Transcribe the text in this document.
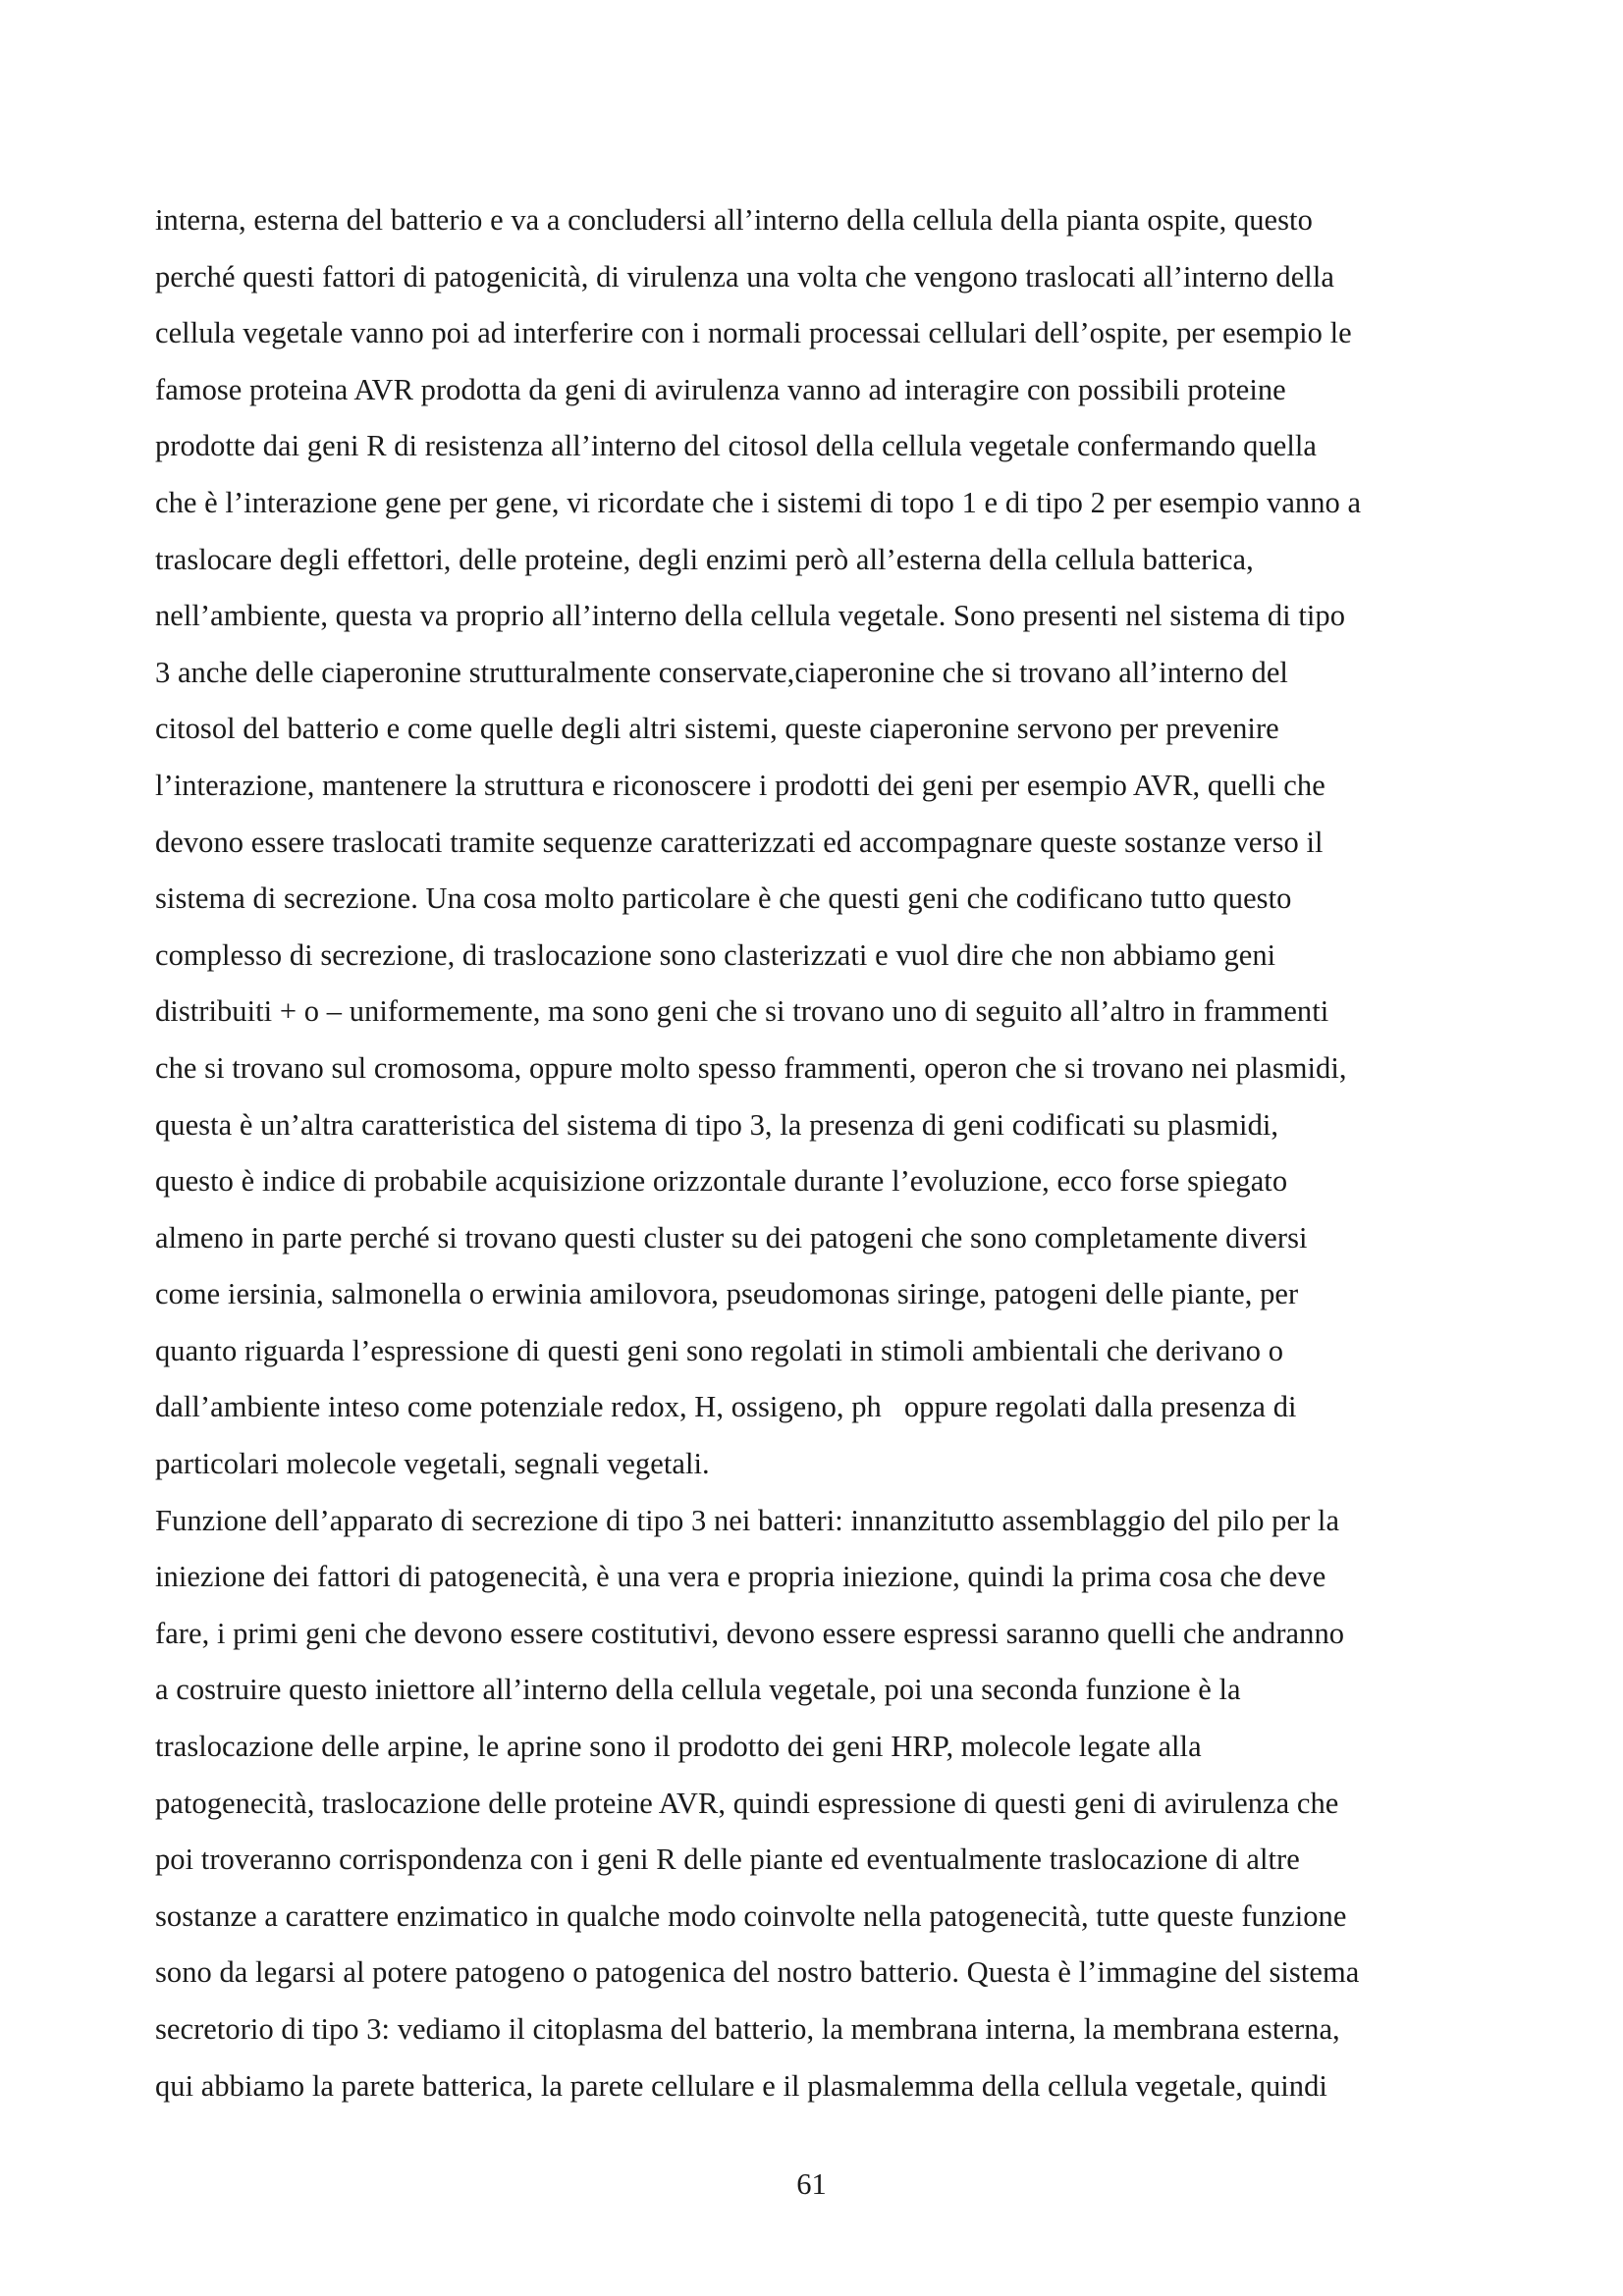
interna, esterna del batterio e va a concludersi all’interno della cellula della pianta ospite, questo
perché questi fattori di patogenicità, di virulenza una volta che vengono traslocati all’interno della
cellula vegetale vanno poi ad interferire con i normali processai cellulari dell’ospite, per esempio le
famose proteina AVR prodotta da geni di avirulenza vanno ad interagire con possibili proteine
prodotte dai geni R di resistenza all’interno del citosol della cellula vegetale confermando quella
che è l’interazione gene per gene, vi ricordate che i sistemi di topo 1 e di tipo 2 per esempio vanno a
traslocare degli effettori, delle proteine, degli enzimi però all’esterna della cellula batterica,
nell’ambiente, questa va proprio all’interno della cellula vegetale. Sono presenti nel sistema di tipo
3 anche delle ciaperonine strutturalmente conservate,ciaperonine che si trovano all’interno del
citosol del batterio e come quelle degli altri sistemi, queste ciaperonine servono per prevenire
l’interazione, mantenere la struttura e riconoscere i prodotti dei geni per esempio AVR, quelli che
devono essere traslocati tramite sequenze caratterizzati ed accompagnare queste sostanze verso il
sistema di secrezione. Una cosa molto particolare è che questi geni che codificano tutto questo
complesso di secrezione, di traslocazione sono clasterizzati e vuol dire che non abbiamo geni
distribuiti + o – uniformemente, ma sono geni che si trovano uno di seguito all’altro in frammenti
che si trovano sul cromosoma, oppure molto spesso frammenti, operon che si trovano nei plasmidi,
questa è un’altra caratteristica del sistema di tipo 3, la presenza di geni codificati su plasmidi,
questo è indice di probabile acquisizione orizzontale durante l’evoluzione, ecco forse spiegato
almeno in parte perché si trovano questi cluster su dei patogeni che sono completamente diversi
come iersinia, salmonella o erwinia amilovora, pseudomonas siringe, patogeni delle piante, per
quanto riguarda l’espressione di questi geni sono regolati in stimoli ambientali che derivano o
dall’ambiente inteso come potenziale redox, H, ossigeno, ph   oppure regolati dalla presenza di
particolari molecole vegetali, segnali vegetali.
Funzione dell’apparato di secrezione di tipo 3 nei batteri: innanzitutto assemblaggio del pilo per la
iniezione dei fattori di patogenecità, è una vera e propria iniezione, quindi la prima cosa che deve
fare, i primi geni che devono essere costitutivi, devono essere espressi saranno quelli che andranno
a costruire questo iniettore all’interno della cellula vegetale, poi una seconda funzione è la
traslocazione delle arpine, le aprine sono il prodotto dei geni HRP, molecole legate alla
patogenecità, traslocazione delle proteine AVR, quindi espressione di questi geni di avirulenza che
poi troveranno corrispondenza con i geni R delle piante ed eventualmente traslocazione di altre
sostanze a carattere enzimatico in qualche modo coinvolte nella patogenecità, tutte queste funzione
sono da legarsi al potere patogeno o patogenica del nostro batterio. Questa è l’immagine del sistema
secretorio di tipo 3: vediamo il citoplasma del batterio, la membrana interna, la membrana esterna,
qui abbiamo la parete batterica, la parete cellulare e il plasmalemma della cellula vegetale, quindi
61
